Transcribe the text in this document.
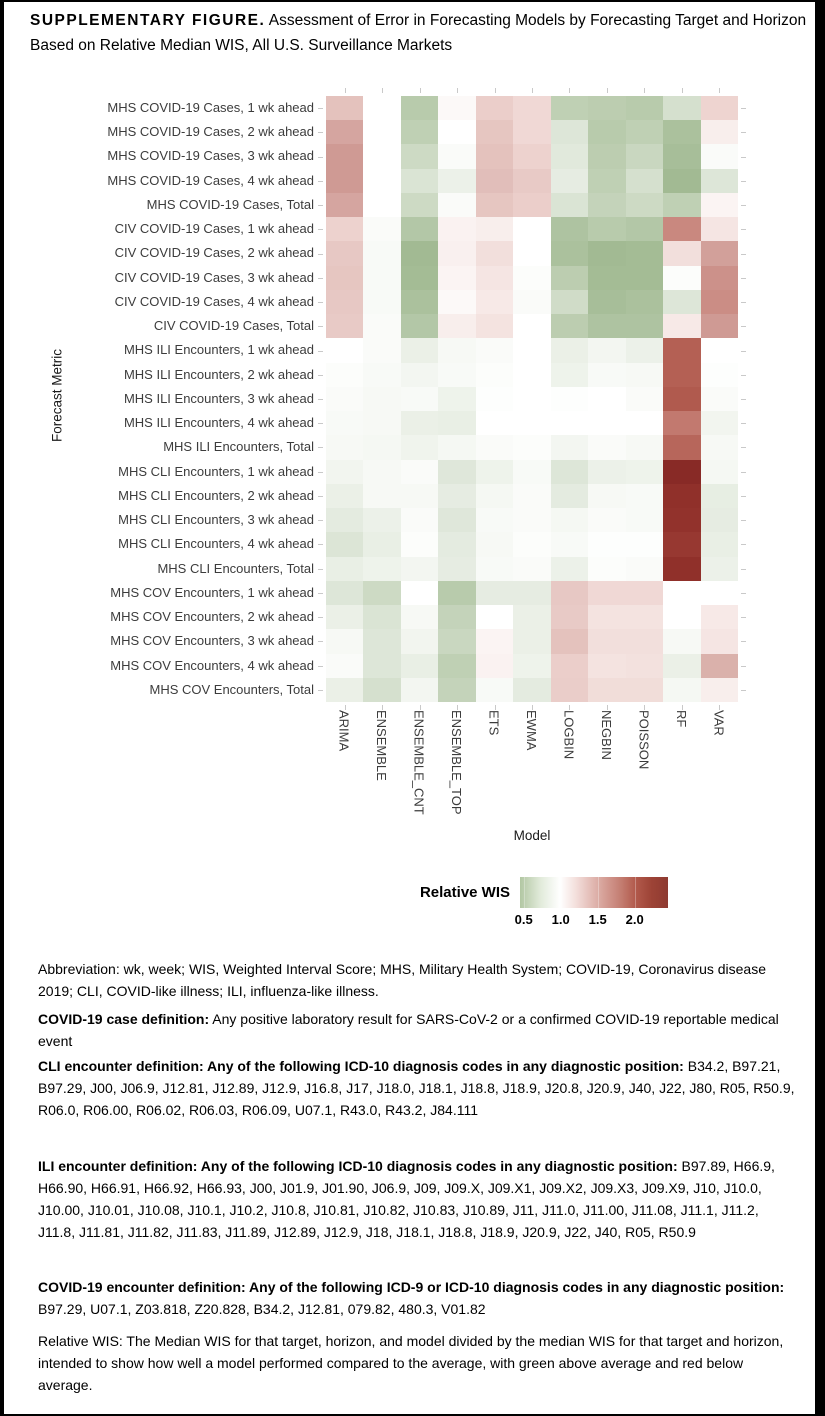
SUPPLEMENTARY FIGURE. Assessment of Error in Forecasting Models by Forecasting Target and Horizon Based on Relative Median WIS, All U.S. Surveillance Markets
Forecast Metric
MHS COVID-19 Cases, 1 wk ahead
MHS COVID-19 Cases, 2 wk ahead
MHS COVID-19 Cases, 3 wk ahead
MHS COVID-19 Cases, 4 wk ahead
MHS COVID-19 Cases, Total
CIV COVID-19 Cases, 1 wk ahead
CIV COVID-19 Cases, 2 wk ahead
CIV COVID-19 Cases, 3 wk ahead
CIV COVID-19 Cases, 4 wk ahead
CIV COVID-19 Cases, Total
MHS ILI Encounters, 1 wk ahead
MHS ILI Encounters, 2 wk ahead
MHS ILI Encounters, 3 wk ahead
MHS ILI Encounters, 4 wk ahead
MHS ILI Encounters, Total
MHS CLI Encounters, 1 wk ahead
MHS CLI Encounters, 2 wk ahead
MHS CLI Encounters, 3 wk ahead
MHS CLI Encounters, 4 wk ahead
MHS CLI Encounters, Total
MHS COV Encounters, 1 wk ahead
MHS COV Encounters, 2 wk ahead
MHS COV Encounters, 3 wk ahead
MHS COV Encounters, 4 wk ahead
MHS COV Encounters, Total
ARIMA ENSEMBLE ENSEMBLE_CNT ENSEMBLE_TOP ETS EWMA LOGBIN NEGBIN POISSON RF VAR
Model
Relative WIS
0.5	1.0	1.5	2.0
Abbreviation: wk, week; WIS, Weighted Interval Score; MHS, Military Health System; COVID-19, Coronavirus disease 2019; CLI, COVID-like illness; ILI, influenza-like illness.
COVID-19 case definition: Any positive laboratory result for SARS-CoV-2 or a confirmed COVID-19 reportable medical event
CLI encounter definition: Any of the following ICD-10 diagnosis codes in any diagnostic position: B34.2, B97.21, B97.29, J00, J06.9, J12.81, J12.89, J12.9, J16.8, J17, J18.0, J18.1, J18.8, J18.9, J20.8, J20.9, J40, J22, J80, R05, R50.9, R06.0, R06.00, R06.02, R06.03, R06.09, U07.1, R43.0, R43.2, J84.111
ILI encounter definition: Any of the following ICD-10 diagnosis codes in any diagnostic position: B97.89, H66.9, H66.90, H66.91, H66.92, H66.93, J00, J01.9, J01.90, J06.9, J09, J09.X, J09.X1, J09.X2, J09.X3, J09.X9, J10, J10.0, J10.00, J10.01, J10.08, J10.1, J10.2, J10.8, J10.81, J10.82, J10.83, J10.89, J11, J11.0, J11.00, J11.08, J11.1, J11.2, J11.8, J11.81, J11.82, J11.83, J11.89, J12.89, J12.9, J18, J18.1, J18.8, J18.9, J20.9, J22, J40, R05, R50.9
COVID-19 encounter definition: Any of the following ICD-9 or ICD-10 diagnosis codes in any diagnostic position: B97.29, U07.1, Z03.818, Z20.828, B34.2, J12.81, 079.82, 480.3, V01.82
Relative WIS: The Median WIS for that target, horizon, and model divided by the median WIS for that target and horizon, intended to show how well a model performed compared to the average, with green above average and red below average.
